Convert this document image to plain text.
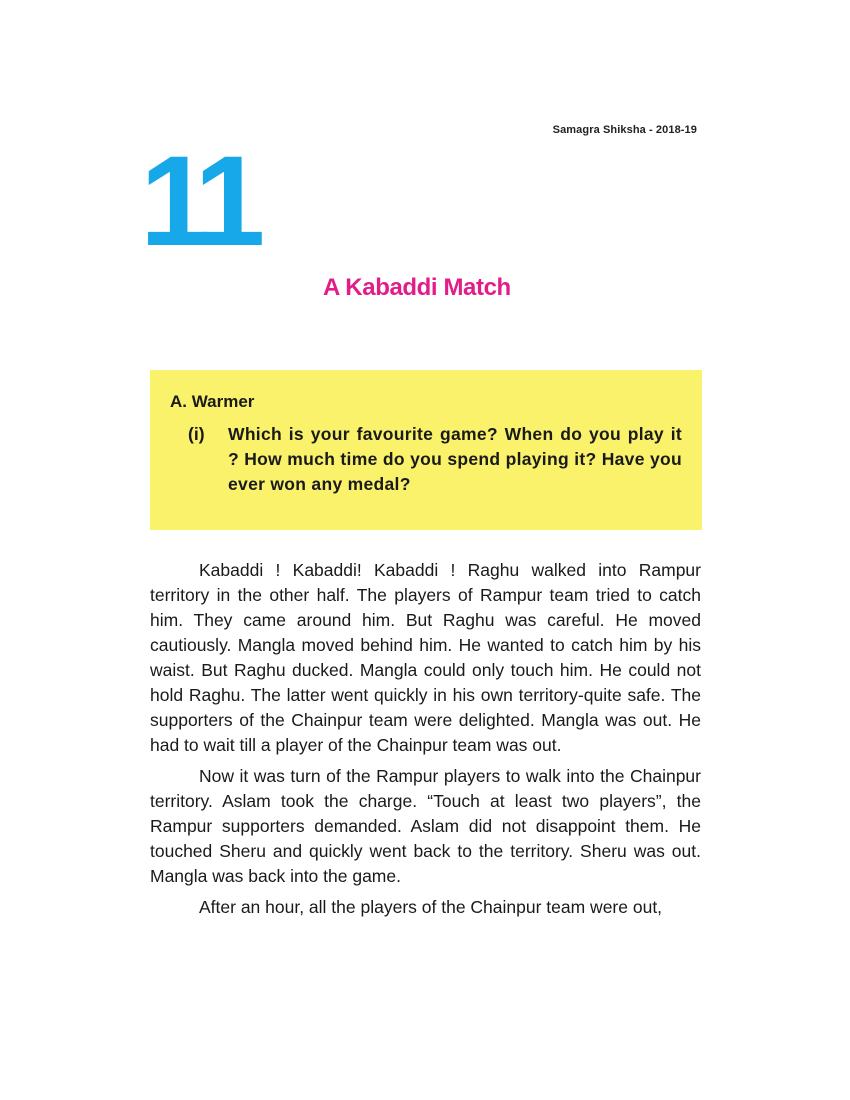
Samagra Shiksha - 2018-19
11
A Kabaddi Match
A. Warmer
(i)	Which is your favourite game? When do you play it ? How much time do you spend playing it? Have you ever won any medal?

Kabaddi ! Kabaddi! Kabaddi ! Raghu walked into Rampur territory in the other half. The players of Rampur team tried to catch him. They came around him. But Raghu was careful. He moved cautiously. Mangla moved behind him. He wanted to catch him by his waist. But Raghu ducked. Mangla could only touch him. He could not hold Raghu. The latter went quickly in his own territory-quite safe. The supporters of the Chainpur team were delighted. Mangla was out. He had to wait till a player of the Chainpur team was out.

Now it was turn of the Rampur players to walk into the Chainpur territory. Aslam took the charge. “Touch at least two players”, the Rampur supporters demanded. Aslam did not disappoint them. He touched Sheru and quickly went back to the territory. Sheru was out. Mangla was back into the game.

After an hour, all the players of the Chainpur team were out,
